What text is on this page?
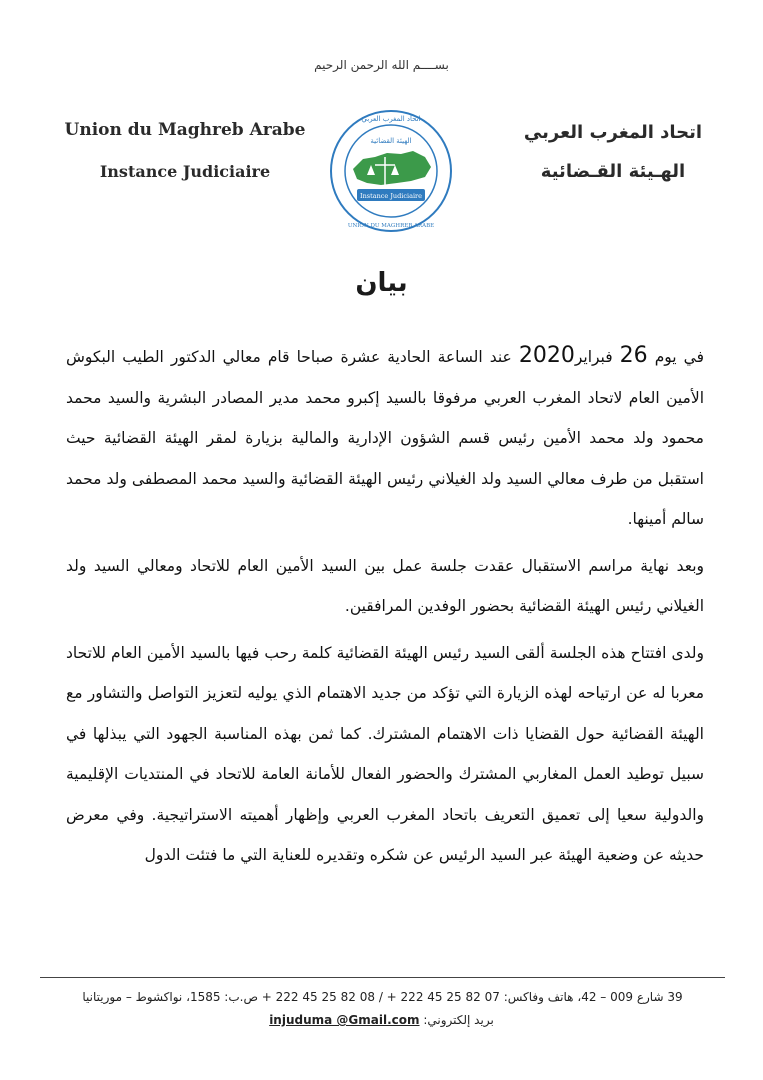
بســــم الله الرحمن الرحيم
Union du Maghreb Arabe
Instance Judiciaire
Instance Judiciaire
الهيئة القضائية
اتحاد المغرب العربي
UNION DU MAGHREB ARABE
اتحاد المغرب العربي
الهـيئة القـضائية
بيان

في يوم 26 فبراير2020 عند الساعة الحادية عشرة صباحا قام معالي الدكتور الطيب البكوش الأمين العام لاتحاد المغرب العربي مرفوقا بالسيد إكبرو محمد مدير المصادر البشرية والسيد محمد محمود ولد محمد الأمين رئيس قسم الشؤون الإدارية والمالية بزيارة لمقر الهيئة القضائية حيث استقبل من طرف معالي السيد ولد الغيلاني رئيس الهيئة القضائية والسيد محمد المصطفى ولد محمد سالم أمينها.

وبعد نهاية مراسم الاستقبال عقدت جلسة عمل بين السيد الأمين العام للاتحاد ومعالي السيد ولد الغيلاني رئيس الهيئة القضائية بحضور الوفدين المرافقين.

ولدى افتتاح هذه الجلسة ألقى السيد رئيس الهيئة القضائية كلمة رحب فيها بالسيد الأمين العام للاتحاد معربا له عن ارتياحه لهذه الزيارة التي تؤكد من جديد الاهتمام الذي يوليه لتعزيز التواصل والتشاور مع الهيئة القضائية حول القضايا ذات الاهتمام المشترك. كما ثمن بهذه المناسبة الجهود التي يبذلها في سبيل توطيد العمل المغاربي المشترك والحضور الفعال للأمانة العامة للاتحاد في المنتديات الإقليمية والدولية سعيا إلى تعميق التعريف باتحاد المغرب العربي وإظهار أهميته الاستراتيجية. وفي معرض حديثه عن وضعية الهيئة عبر السيد الرئيس عن شكره وتقديره للعناية التي ما فتئت الدول

39 شارع 009 – 42، هاتف وفاكس: 07 82 25 45 222 + / 08 82 25 45 222 + ص.ب: 1585، نواكشوط – موريتانيا
بريد إلكتروني: injuduma @Gmail.com
